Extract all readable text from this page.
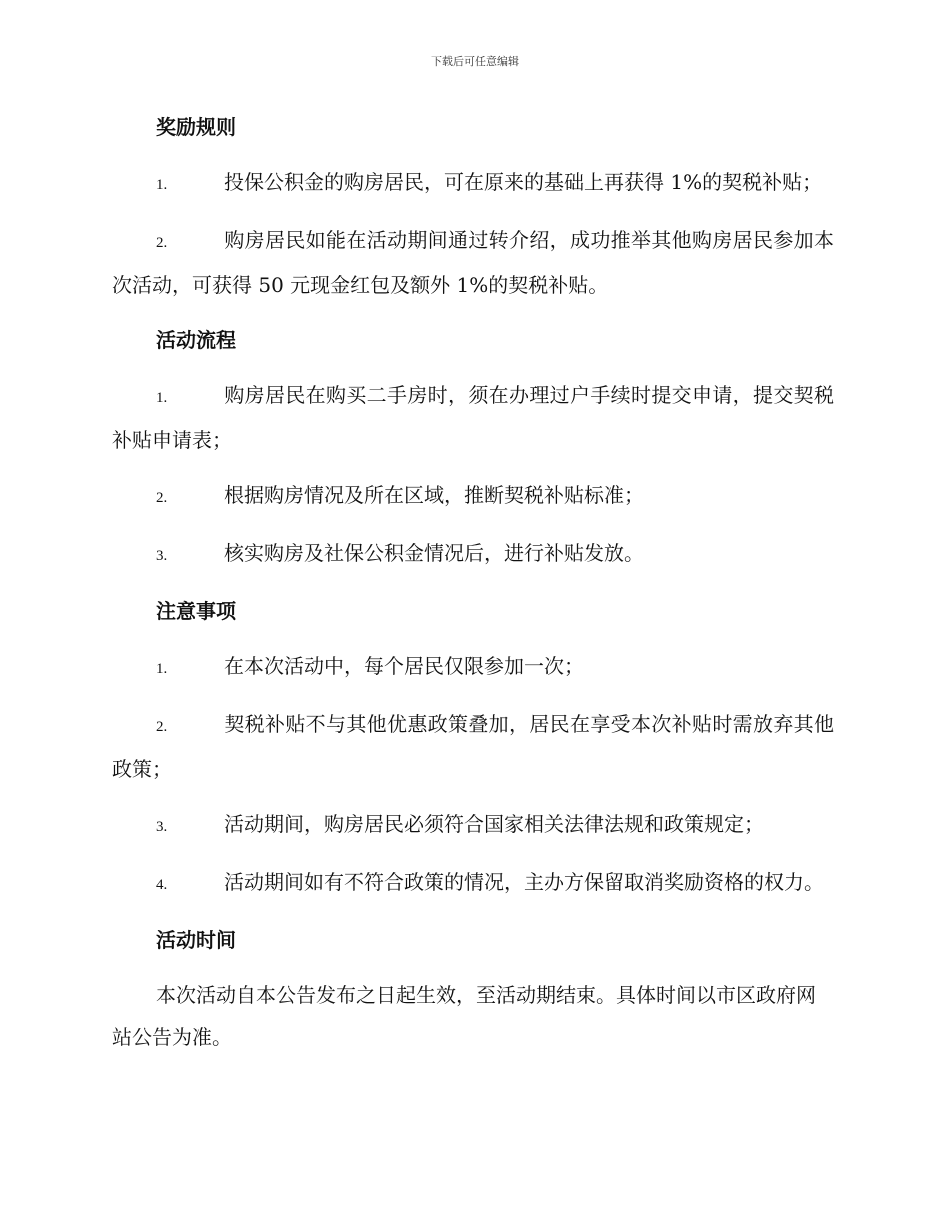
下载后可任意编辑
奖励规则

1.	投保公积金的购房居民，可在原来的基础上再获得 1%的契税补贴；

2.	购房居民如能在活动期间通过转介绍，成功推举其他购房居民参加本次活动，可获得 50 元现金红包及额外 1%的契税补贴。

活动流程

1.	购房居民在购买二手房时，须在办理过户手续时提交申请，提交契税补贴申请表；

2.	根据购房情况及所在区域，推断契税补贴标准；

3.	核实购房及社保公积金情况后，进行补贴发放。

注意事项

1.	在本次活动中，每个居民仅限参加一次；

2.	契税补贴不与其他优惠政策叠加，居民在享受本次补贴时需放弃其他政策；

3.	活动期间，购房居民必须符合国家相关法律法规和政策规定；

4.	活动期间如有不符合政策的情况，主办方保留取消奖励资格的权力。

活动时间

本次活动自本公告发布之日起生效，至活动期结束。具体时间以市区政府网站公告为准。
